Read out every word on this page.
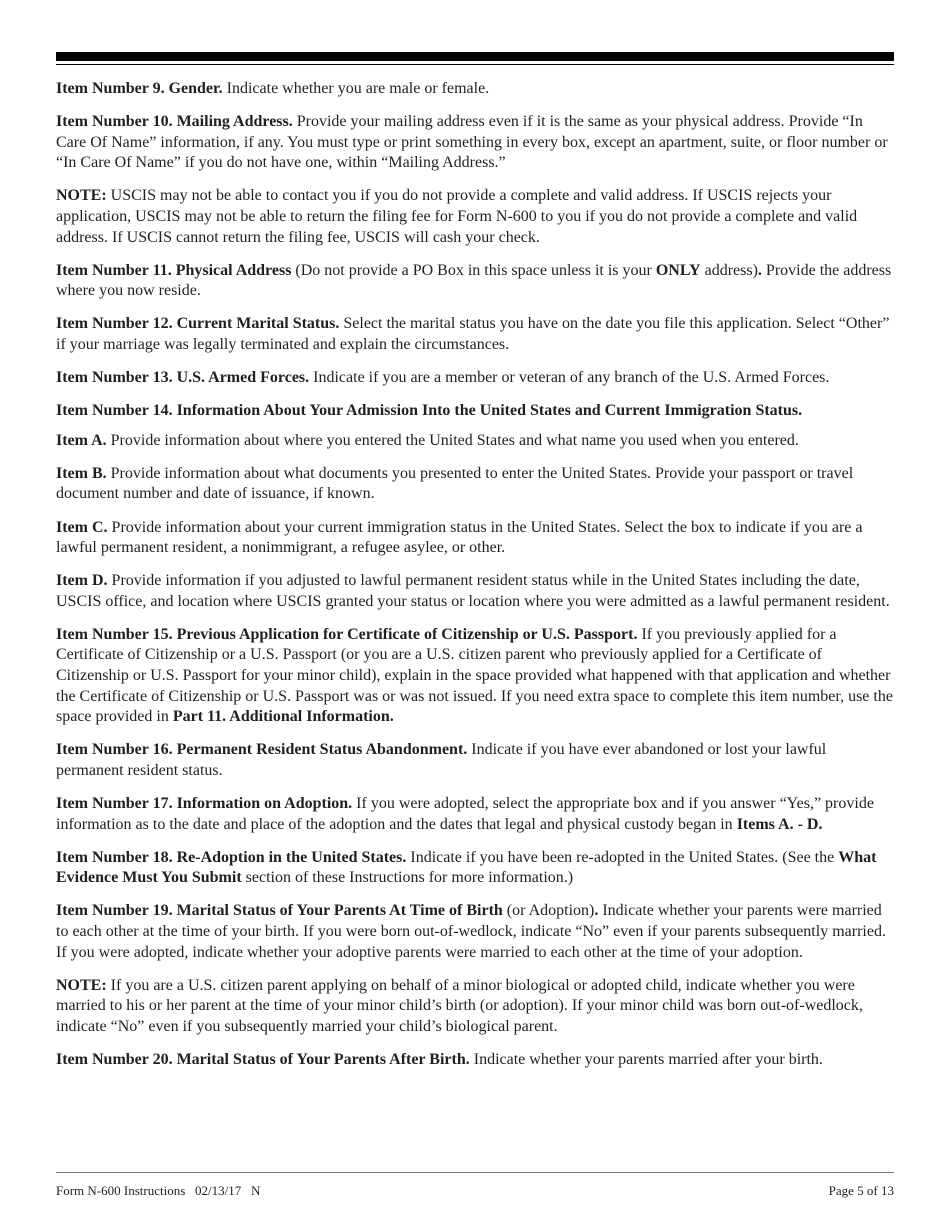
Item Number 9. Gender. Indicate whether you are male or female.

Item Number 10. Mailing Address. Provide your mailing address even if it is the same as your physical address. Provide “In Care Of Name” information, if any. You must type or print something in every box, except an apartment, suite, or floor number or “In Care Of Name” if you do not have one, within “Mailing Address.”

NOTE: USCIS may not be able to contact you if you do not provide a complete and valid address. If USCIS rejects your application, USCIS may not be able to return the filing fee for Form N-600 to you if you do not provide a complete and valid address. If USCIS cannot return the filing fee, USCIS will cash your check.

Item Number 11. Physical Address (Do not provide a PO Box in this space unless it is your ONLY address). Provide the address where you now reside.

Item Number 12. Current Marital Status. Select the marital status you have on the date you file this application. Select “Other” if your marriage was legally terminated and explain the circumstances.

Item Number 13. U.S. Armed Forces. Indicate if you are a member or veteran of any branch of the U.S. Armed Forces.

Item Number 14. Information About Your Admission Into the United States and Current Immigration Status.

Item A. Provide information about where you entered the United States and what name you used when you entered.

Item B. Provide information about what documents you presented to enter the United States. Provide your passport or travel document number and date of issuance, if known.

Item C. Provide information about your current immigration status in the United States. Select the box to indicate if you are a lawful permanent resident, a nonimmigrant, a refugee asylee, or other.

Item D. Provide information if you adjusted to lawful permanent resident status while in the United States including the date, USCIS office, and location where USCIS granted your status or location where you were admitted as a lawful permanent resident.

Item Number 15. Previous Application for Certificate of Citizenship or U.S. Passport. If you previously applied for a Certificate of Citizenship or a U.S. Passport (or you are a U.S. citizen parent who previously applied for a Certificate of Citizenship or U.S. Passport for your minor child), explain in the space provided what happened with that application and whether the Certificate of Citizenship or U.S. Passport was or was not issued. If you need extra space to complete this item number, use the space provided in Part 11. Additional Information.

Item Number 16. Permanent Resident Status Abandonment. Indicate if you have ever abandoned or lost your lawful permanent resident status.

Item Number 17. Information on Adoption. If you were adopted, select the appropriate box and if you answer “Yes,” provide information as to the date and place of the adoption and the dates that legal and physical custody began in Items A. - D.

Item Number 18. Re-Adoption in the United States. Indicate if you have been re-adopted in the United States. (See the What Evidence Must You Submit section of these Instructions for more information.)

Item Number 19. Marital Status of Your Parents At Time of Birth (or Adoption). Indicate whether your parents were married to each other at the time of your birth. If you were born out-of-wedlock, indicate “No” even if your parents subsequently married. If you were adopted, indicate whether your adoptive parents were married to each other at the time of your adoption.

NOTE: If you are a U.S. citizen parent applying on behalf of a minor biological or adopted child, indicate whether you were married to his or her parent at the time of your minor child’s birth (or adoption). If your minor child was born out-of-wedlock, indicate “No” even if you subsequently married your child’s biological parent.

Item Number 20. Marital Status of Your Parents After Birth. Indicate whether your parents married after your birth.

Form N-600 Instructions   02/13/17   N	Page 5 of 13
